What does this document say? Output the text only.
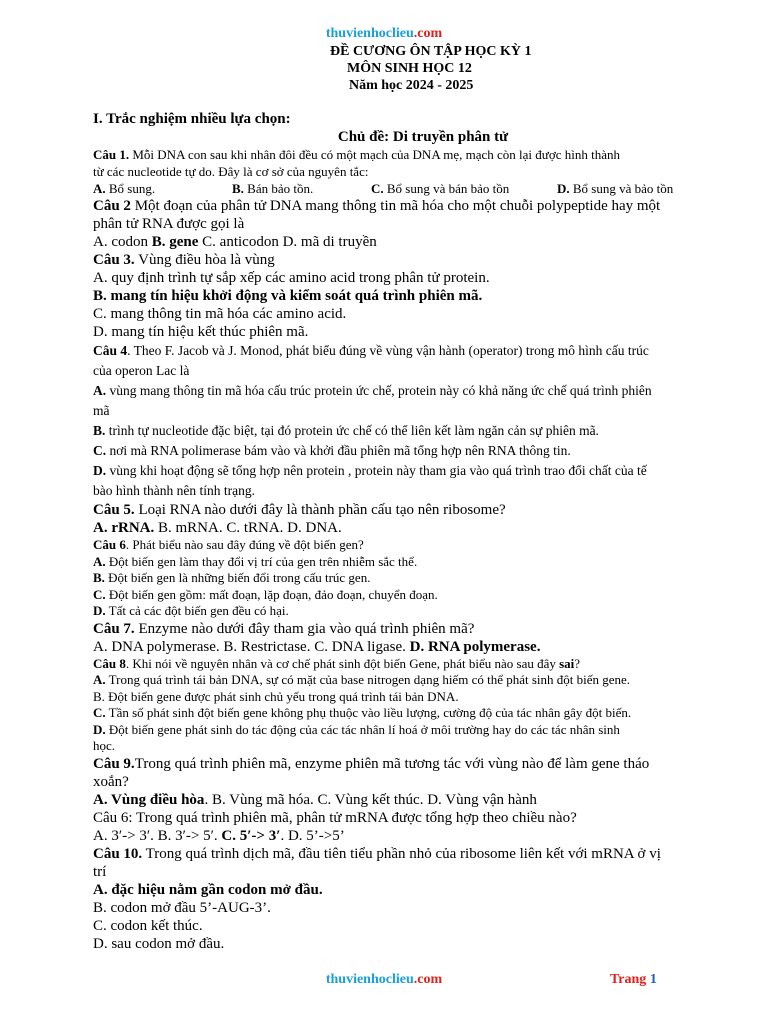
thuvienhoclieu.com
ĐỀ CƯƠNG ÔN TẬP HỌC KỲ 1
MÔN SINH HỌC 12
Năm học 2024 - 2025
I. Trắc nghiệm nhiều lựa chọn:
Chủ đề: Di truyền phân tử
Câu 1. Mỗi DNA con sau khi nhân đôi đều có một mạch của DNA mẹ, mạch còn lại được hình thành
từ các nucleotide tự do. Đây là cơ sở của nguyên tắc:
A. Bổ sung.	B. Bán bảo tồn.	C. Bổ sung và bán bảo tồn	D. Bổ sung và bảo tồn
Câu 2 Một đoạn của phân tử DNA mang thông tin mã hóa cho một chuỗi polypeptide hay một
phân tử RNA được gọi là
A. codon B. gene C. anticodon D. mã di truyền
Câu 3. Vùng điều hòa là vùng
A. quy định trình tự sắp xếp các amino acid trong phân tử protein.
B. mang tín hiệu khởi động và kiểm soát quá trình phiên mã.
C. mang thông tin mã hóa các amino acid.
D. mang tín hiệu kết thúc phiên mã.
Câu 4. Theo F. Jacob và J. Monod, phát biểu đúng về vùng vận hành (operator) trong mô hình cấu trúc
của operon Lac là
A. vùng mang thông tin mã hóa cấu trúc protein ức chế, protein này có khả năng ức chế quá trình phiên
mã
B. trình tự nucleotide đặc biệt, tại đó protein ức chế có thể liên kết làm ngăn cản sự phiên mã.
C. nơi mà RNA polimerase bám vào và khởi đầu phiên mã tổng hợp nên RNA thông tin.
D. vùng khi hoạt động sẽ tổng hợp nên protein , protein này tham gia vào quá trình trao đổi chất của tế
bào hình thành nên tính trạng.
Câu 5. Loại RNA nào dưới đây là thành phần cấu tạo nên ribosome?
A. rRNA. B. mRNA. C. tRNA. D. DNA.
Câu 6. Phát biểu nào sau đây đúng về đột biến gen?
A. Đột biến gen làm thay đổi vị trí của gen trên nhiễm sắc thể.
B. Đột biến gen là những biến đổi trong cấu trúc gen.
C. Đột biến gen gồm: mất đoạn, lặp đoạn, đảo đoạn, chuyển đoạn.
D. Tất cả các đột biến gen đều có hại.
Câu 7. Enzyme nào dưới đây tham gia vào quá trình phiên mã?
A. DNA polymerase. B. Restrictase. C. DNA ligase. D. RNA polymerase.
Câu 8. Khi nói về nguyên nhân và cơ chế phát sinh đột biến Gene, phát biểu nào sau đây sai?
A. Trong quá trình tái bản DNA, sự có mặt của base nitrogen dạng hiếm có thể phát sinh đột biến gene.
B. Đột biến gene được phát sinh chủ yếu trong quá trình tái bản DNA.
C. Tần số phát sinh đột biến gene không phụ thuộc vào liều lượng, cường độ của tác nhân gây đột biến.
D. Đột biến gene phát sinh do tác động của các tác nhân lí hoá ở môi trường hay do các tác nhân sinh
học.
Câu 9.Trong quá trình phiên mã, enzyme phiên mã tương tác với vùng nào để làm gene tháo
xoắn?
A. Vùng điều hòa. B. Vùng mã hóa. C. Vùng kết thúc. D. Vùng vận hành
Câu 6: Trong quá trình phiên mã, phân tử mRNA được tổng hợp theo chiều nào?
A. 3′-> 3′. B. 3′-> 5′. C. 5′-> 3′. D. 5’->5’
Câu 10. Trong quá trình dịch mã, đầu tiên tiểu phần nhỏ của ribosome liên kết với mRNA ở vị
trí
A. đặc hiệu nằm gần codon mở đầu.
B. codon mở đầu 5’-AUG-3’.
C. codon kết thúc.
D. sau codon mở đầu.
thuvienhoclieu.com	Trang 1
